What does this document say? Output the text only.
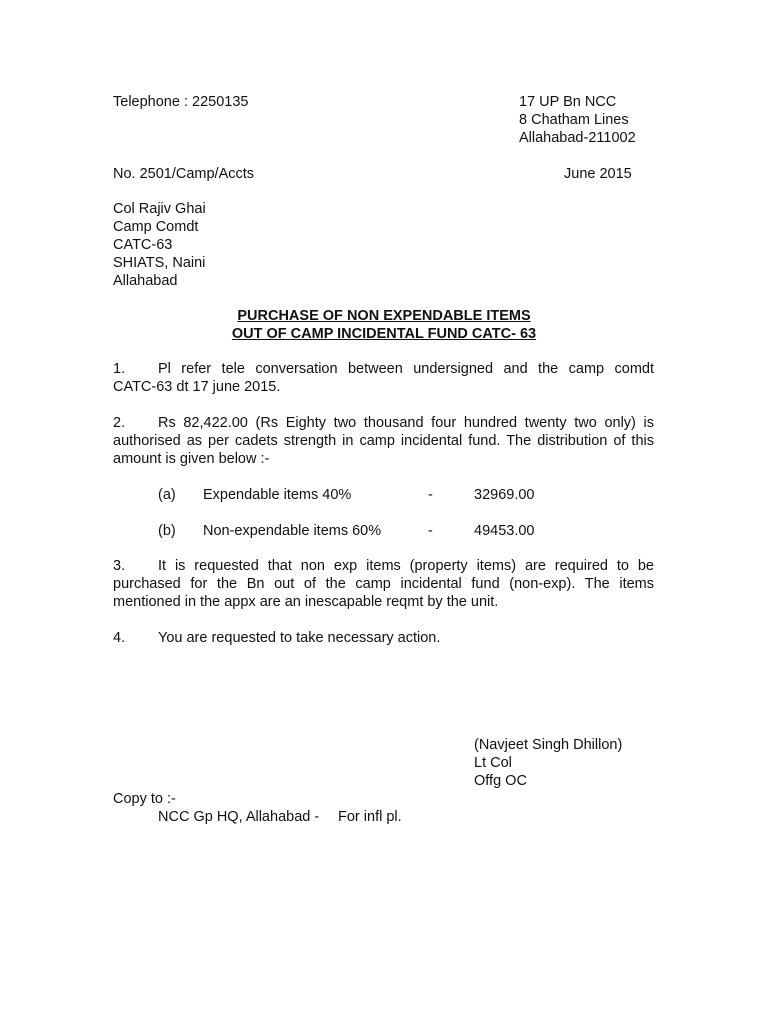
Telephone : 2250135	17 UP Bn NCC
8 Chatham Lines
Allahabad-211002
No. 2501/Camp/Accts	June 2015
Col Rajiv Ghai
Camp Comdt
CATC-63
SHIATS, Naini
Allahabad
PURCHASE OF NON EXPENDABLE ITEMS
OUT OF CAMP INCIDENTAL FUND CATC- 63
1. Pl refer tele conversation between undersigned and the camp comdt
CATC-63 dt 17 june 2015.
2. Rs 82,422.00 (Rs Eighty two thousand four hundred twenty two only) is
authorised as per cadets strength in camp incidental fund. The distribution of this
amount is given below :-
(a) Expendable items 40%	-	32969.00
(b) Non-expendable items 60%	-	49453.00
3. It is requested that non exp items (property items) are required to be
purchased for the Bn out of the camp incidental fund (non-exp). The items
mentioned in the appx are an inescapable reqmt by the unit.
4. You are requested to take necessary action.
(Navjeet Singh Dhillon)
Lt Col
Offg OC
Copy to :-
NCC Gp HQ, Allahabad - For infl pl.
